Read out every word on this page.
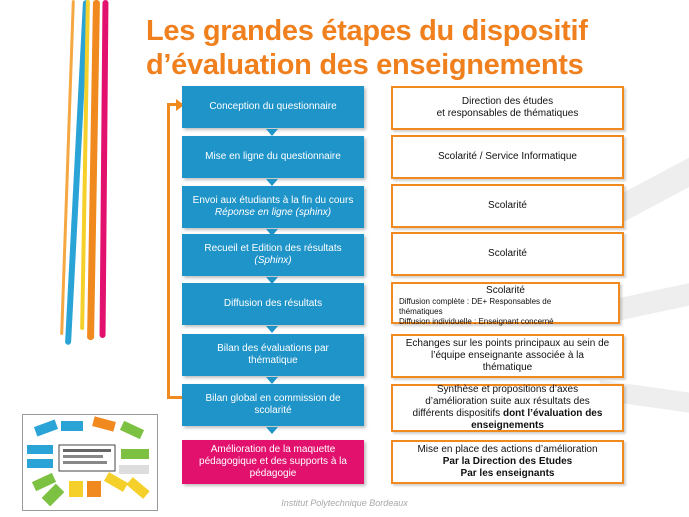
Les grandes étapes du dispositif d’évaluation des enseignements
Conception du questionnaire
Mise en ligne du questionnaire
Envoi aux étudiants à la fin du cours
Réponse en ligne (sphinx)
Recueil et Edition des résultats
(Sphinx)
Diffusion des résultats
Bilan des évaluations par
thématique
Bilan global en commission de
scolarité
Amélioration de la maquette
pédagogique et des supports à la
pédagogie
Direction des études
et responsables de thématiques
Scolarité / Service Informatique
Scolarité
Scolarité
Scolarité
Diffusion complète : DE+ Responsables de
thématiques
Diffusion individuelle : Enseignant concerné
Echanges sur les points principaux au sein de
l’équipe enseignante associée à la
thématique
Synthèse et propositions d’axes
d’amélioration suite aux résultats des
différents dispositifs dont l’évaluation des
enseignements
Mise en place des actions d’amélioration
Par la Direction des Etudes
Par les enseignants
Institut Polytechnique Bordeaux
